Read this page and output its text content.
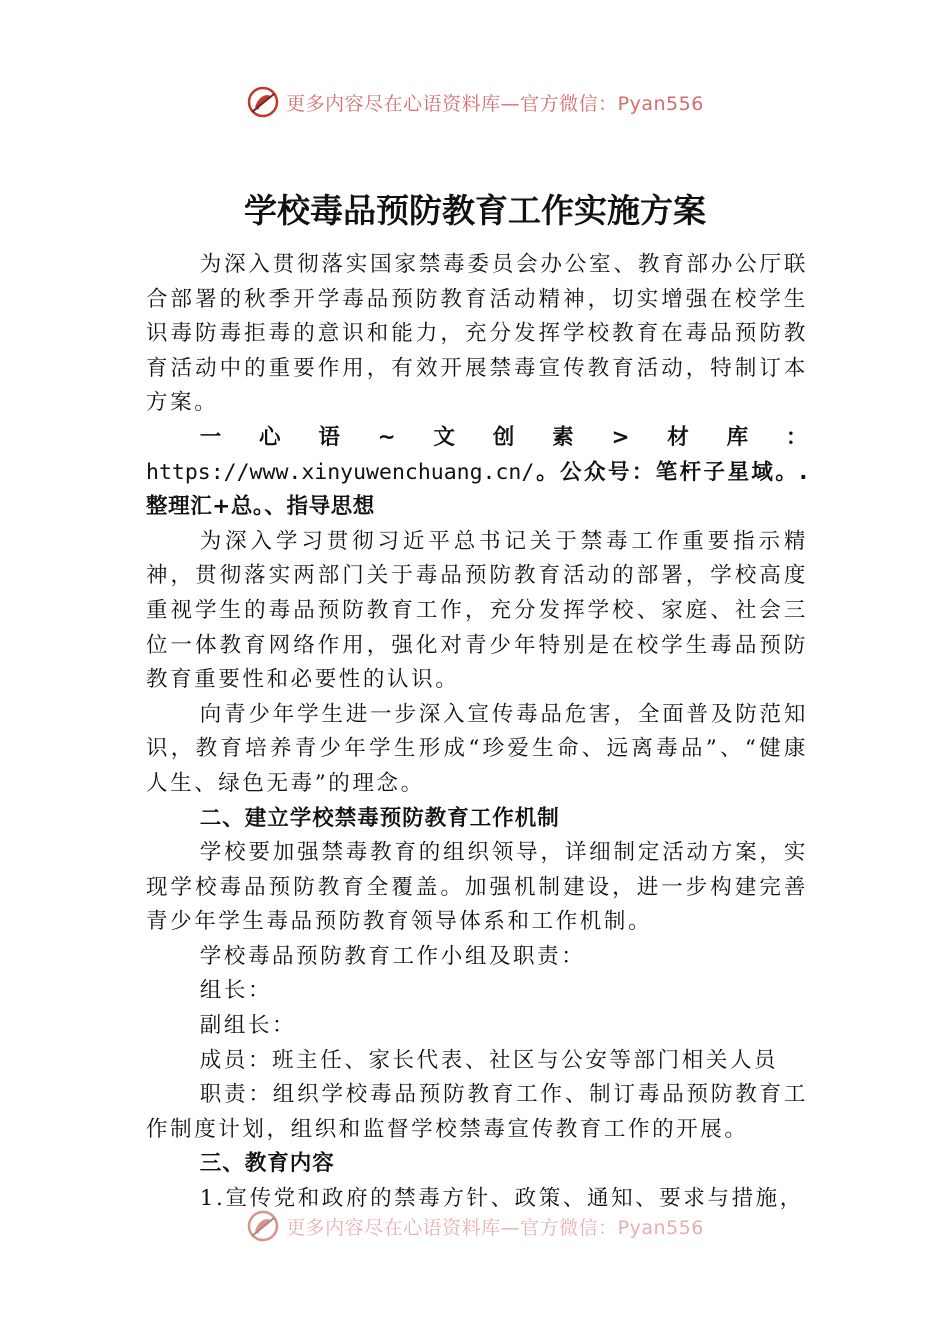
更多内容尽在心语资料库—官方微信：Pyan556
学校毒品预防教育工作实施方案

为深入贯彻落实国家禁毒委员会办公室、教育部办公厅联合部署的秋季开学毒品预防教育活动精神，切实增强在校学生识毒防毒拒毒的意识和能力，充分发挥学校教育在毒品预防教育活动中的重要作用，有效开展禁毒宣传教育活动，特制订本方案。

一心语~文创素>材库：https://www.xinyuwenchuang.cn/。公众号：笔杆子星域。.整理汇+总。、指导思想

为深入学习贯彻习近平总书记关于禁毒工作重要指示精神，贯彻落实两部门关于毒品预防教育活动的部署，学校高度重视学生的毒品预防教育工作，充分发挥学校、家庭、社会三位一体教育网络作用，强化对青少年特别是在校学生毒品预防教育重要性和必要性的认识。

向青少年学生进一步深入宣传毒品危害，全面普及防范知识，教育培养青少年学生形成“珍爱生命、远离毒品”、“健康人生、绿色无毒”的理念。

二、建立学校禁毒预防教育工作机制

学校要加强禁毒教育的组织领导，详细制定活动方案，实现学校毒品预防教育全覆盖。加强机制建设，进一步构建完善青少年学生毒品预防教育领导体系和工作机制。

学校毒品预防教育工作小组及职责：

组长：

副组长：

成员：班主任、家长代表、社区与公安等部门相关人员

职责：组织学校毒品预防教育工作、制订毒品预防教育工作制度计划，组织和监督学校禁毒宣传教育工作的开展。

三、教育内容

1.宣传党和政府的禁毒方针、政策、通知、要求与措施，

更多内容尽在心语资料库—官方微信：Pyan556
